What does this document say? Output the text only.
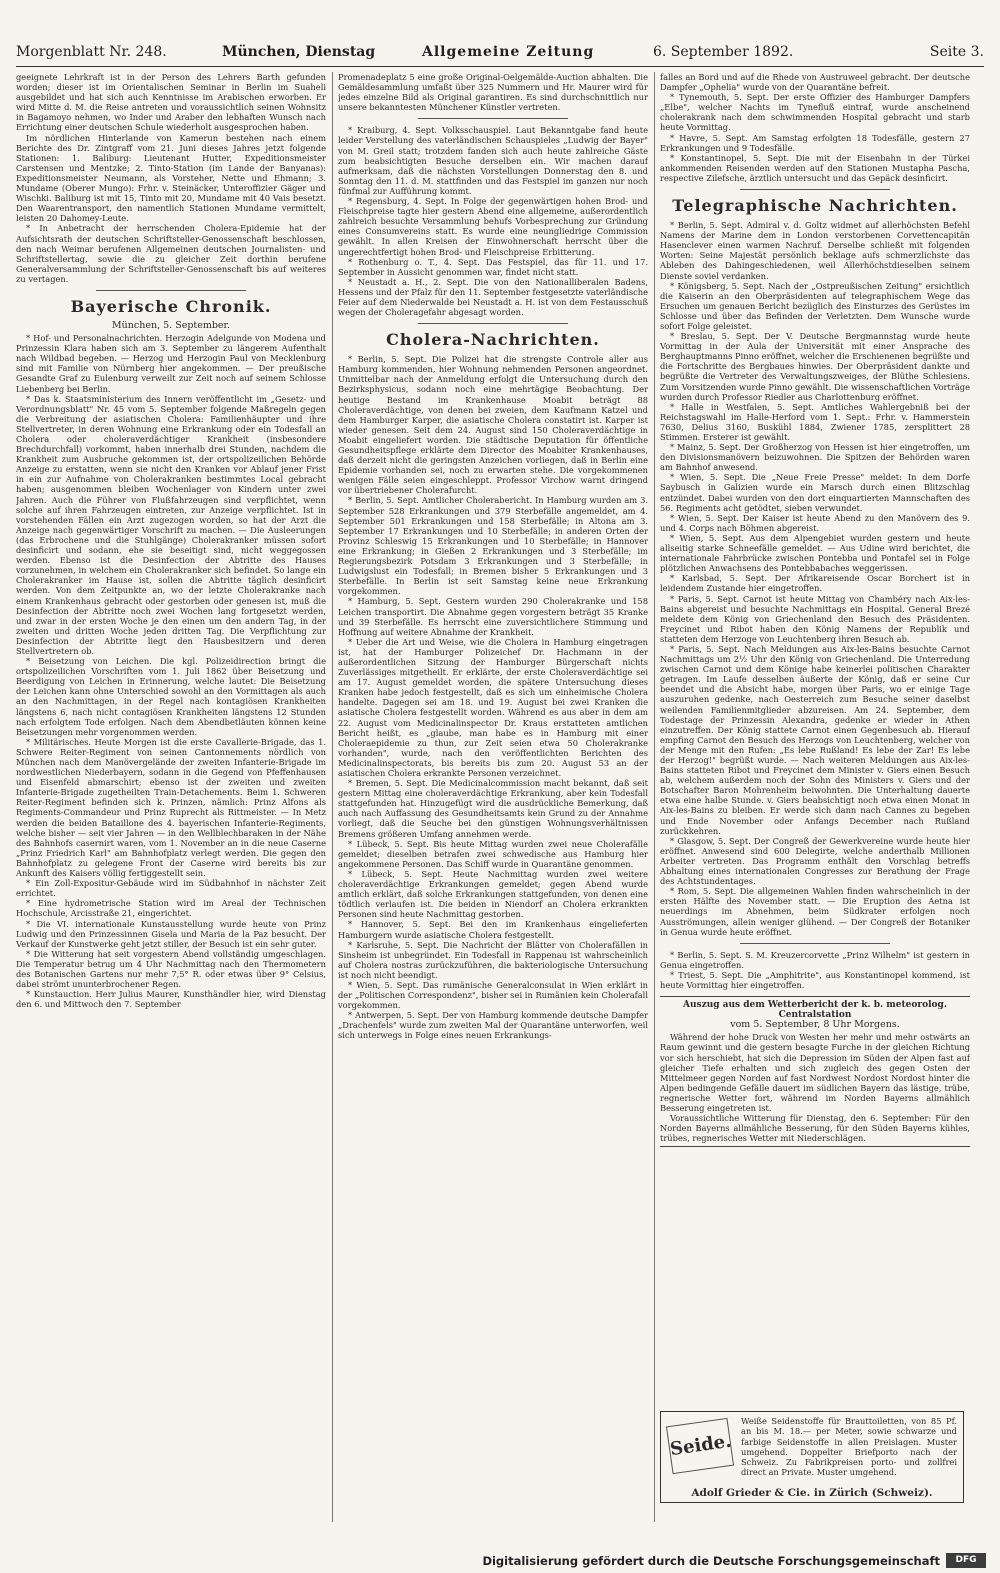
Morgenblatt Nr. 248.	München, Dienstag	Allgemeine Zeitung	6. September 1892.	Seite 3.

geeignete Lehrkraft ist in der Person des Lehrers Barth gefunden worden; dieser ist im Orientalischen Seminar in Berlin im Suaheli ausgebildet und hat sich auch Kenntnisse im Arabischen erworben. Er wird Mitte d. M. die Reise antreten und voraussichtlich seinen Wohnsitz in Bagamoyo nehmen, wo Inder und Araber den lebhaften Wunsch nach Errichtung einer deutschen Schule wiederholt ausgesprochen haben.

Im nördlichen Hinterlande von Kamerun bestehen nach einem Berichte des Dr. Zintgraff vom 21. Juni dieses Jahres jetzt folgende Stationen: 1. Baliburg: Lieutenant Hutter, Expeditionsmeister Carstensen und Mentzke; 2. Tinto-Station (im Lande der Banyanas): Expeditionsmeister Neumann, als Vorsteher, Nette und Ehmann; 3. Mundame (Oberer Mungo): Frhr. v. Steinäcker, Unteroffizier Gäger und Wischki. Baliburg ist mit 15, Tinto mit 20, Mundame mit 40 Vais besetzt. Den Waarentransport, den namentlich Stationen Mundame vermittelt, leisten 20 Dahomey-Leute.

* In Anbetracht der herrschenden Cholera-Epidemie hat der Aufsichtsrath der deutschen Schriftsteller-Genossenschaft beschlossen, den nach Weimar berufenen Allgemeinen deutschen Journalisten- und Schriftstellertag, sowie die zu gleicher Zeit dorthin berufene Generalversammlung der Schriftsteller-Genossenschaft bis auf weiteres zu vertagen.

Bayerische Chronik.
München, 5. September.

* Hof- und Personalnachrichten. Herzogin Adelgunde von Modena und Prinzessin Klara haben sich am 3. September zu längerem Aufenthalt nach Wildbad begeben. — Herzog und Herzogin Paul von Mecklenburg sind mit Familie von Nürnberg hier angekommen. — Der preußische Gesandte Graf zu Eulenburg verweilt zur Zeit noch auf seinem Schlosse Liebenberg bei Berlin.

* Das k. Staatsministerium des Innern veröffentlicht im „Gesetz- und Verordnungsblatt" Nr. 45 vom 5. September folgende Maßregeln gegen die Verbreitung der asiatischen Cholera: Familienhäupter und ihre Stellvertreter, in deren Wohnung eine Erkrankung oder ein Todesfall an Cholera oder choleraverdächtiger Krankheit (insbesondere Brechdurchfall) vorkommt, haben innerhalb drei Stunden, nachdem die Krankheit zum Ausbruche gekommen ist, der ortspolizeilichen Behörde Anzeige zu erstatten, wenn sie nicht den Kranken vor Ablauf jener Frist in ein zur Aufnahme von Cholerakranken bestimmtes Local gebracht haben; ausgenommen bleiben Wochenlager von Kindern unter zwei Jahren. Auch die Führer von Flußfahrzeugen sind verpflichtet, wenn solche auf ihren Fahrzeugen eintreten, zur Anzeige verpflichtet. Ist in vorstehenden Fällen ein Arzt zugezogen worden, so hat der Arzt die Anzeige nach gegenwärtiger Vorschrift zu machen. — Die Ausleerungen (das Erbrochene und die Stuhlgänge) Cholerakranker müssen sofort desinficirt und sodann, ehe sie beseitigt sind, nicht weggegossen werden. Ebenso ist die Desinfection der Abtritte des Hauses vorzunehmen, in welchem ein Cholerakranker sich befindet. So lange ein Cholerakranker im Hause ist, sollen die Abtritte täglich desinficirt werden. Von dem Zeitpunkte an, wo der letzte Cholerakranke nach einem Krankenhaus gebracht oder gestorben oder genesen ist, muß die Desinfection der Abtritte noch zwei Wochen lang fortgesetzt werden, und zwar in der ersten Woche je den einen um den andern Tag, in der zweiten und dritten Woche jeden dritten Tag. Die Verpflichtung zur Desinfection der Abtritte liegt den Hausbesitzern und deren Stellvertretern ob.

* Beisetzung von Leichen. Die kgl. Polizeidirection bringt die ortspolizeilichen Vorschriften vom 1. Juli 1862 über Beisetzung und Beerdigung von Leichen in Erinnerung, welche lautet: Die Beisetzung der Leichen kann ohne Unterschied sowohl an den Vormittagen als auch an den Nachmittagen, in der Regel nach kontagiösen Krankheiten längstens 6, nach nicht contagiösen Krankheiten längstens 12 Stunden nach erfolgtem Tode erfolgen. Nach dem Abendbetläuten können keine Beisetzungen mehr vorgenommen werden.

* Militärisches. Heute Morgen ist die erste Cavallerie-Brigade, das 1. Schwere Reiter-Regiment von seinen Cantonnements nördlich von München nach dem Manövergelände der zweiten Infanterie-Brigade im nordwestlichen Niederbayern, sodann in die Gegend von Pfeffenhausen und Eisenfeld abmarschirt; ebenso ist der zweiten und zweiten Infanterie-Brigade zugetheilten Train-Detachements. Beim 1. Schweren Reiter-Regiment befinden sich k. Prinzen, nämlich: Prinz Alfons als Regiments-Commandeur und Prinz Ruprecht als Rittmeister. — In Metz werden die beiden Bataillone des 4. bayerischen Infanterie-Regiments, welche bisher — seit vier Jahren — in den Wellblechbaraken in der Nähe des Bahnhofs casernirt waren, vom 1. November an in die neue Caserne „Prinz Friedrich Karl" am Bahnhofplatz verlegt werden. Die gegen den Bahnhofplatz zu gelegene Front der Caserne wird bereits bis zur Ankunft des Kaisers völlig fertiggestellt sein.

* Ein Zoll-Expositur-Gebäude wird im Südbahnhof in nächster Zeit errichtet.

* Eine hydrometrische Station wird im Areal der Technischen Hochschule, Arcisstraße 21, eingerichtet.

* Die VI. internationale Kunstausstellung wurde heute von Prinz Ludwig und den Prinzessinnen Gisela und Maria de la Paz besucht. Der Verkauf der Kunstwerke geht jetzt stiller, der Besuch ist ein sehr guter.

* Die Witterung hat seit vorgestern Abend vollständig umgeschlagen. Die Temperatur betrug um 4 Uhr Nachmittag nach den Thermometern des Botanischen Gartens nur mehr 7,5° R. oder etwas über 9° Celsius, dabei strömt ununterbrochener Regen.

* Kunstauction. Herr Julius Maurer, Kunsthändler hier, wird Dienstag den 6. und Mittwoch den 7. September

Promenadeplatz 5 eine große Original-Oelgemälde-Auction abhalten. Die Gemäldesammlung umfaßt über 325 Nummern und Hr. Maurer wird für jedes einzelne Bild als Original garantiren. Es sind durchschnittlich nur unsere bekanntesten Münchener Künstler vertreten.

* Kraiburg, 4. Sept. Volksschauspiel. Laut Bekanntgabe fand heute leider Verstellung des vaterländischen Schauspieles „Ludwig der Bayer" von M. Greil statt; trotzdem fanden sich auch heute zahlreiche Gäste zum beabsichtigten Besuche derselben ein. Wir machen darauf aufmerksam, daß die nächsten Vorstellungen Donnerstag den 8. und Sonntag den 11. d. M. stattfinden und das Festspiel im ganzen nur noch fünfmal zur Aufführung kommt.

* Regensburg, 4. Sept. In Folge der gegenwärtigen hohen Brod- und Fleischpreise tagte hier gestern Abend eine allgemeine, außerordentlich zahlreich besuchte Versammlung behufs Vorbesprechung zur Gründung eines Consumvereins statt. Es wurde eine neungliedrige Commission gewählt. In allen Kreisen der Einwohnerschaft herrscht über die ungerechtfertigt hohen Brod- und Fleischpreise Erbitterung.

* Rothenburg o. T., 4. Sept. Das Festspiel, das für 11. und 17. September in Aussicht genommen war, findet nicht statt.

* Neustadt a. H., 2. Sept. Die von den Nationalliberalen Badens, Hessens und der Pfalz für den 11. September festgesetzte vaterländische Feier auf dem Niederwalde bei Neustadt a. H. ist von dem Festausschuß wegen der Choleragefahr abgesagt worden.

Cholera-Nachrichten.

* Berlin, 5. Sept. Die Polizei hat die strengste Controle aller aus Hamburg kommenden, hier Wohnung nehmenden Personen angeordnet. Unmittelbar nach der Anmeldung erfolgt die Untersuchung durch den Bezirksphysicus, sodann noch eine mehrtägige Beobachtung. Der heutige Bestand im Krankenhause Moabit beträgt 88 Choleraverdächtige, von denen bei zweien, dem Kaufmann Katzel und dem Hamburger Karper, die asiatische Cholera constatirt ist. Karper ist wieder genesen. Seit dem 24. August sind 150 Choleraverdächtige in Moabit eingeliefert worden. Die städtische Deputation für öffentliche Gesundheitspflege erklärte dem Director des Moabiter Krankenhauses, daß derzeit nicht die geringsten Anzeichen vorliegen, daß in Berlin eine Epidemie vorhanden sei, noch zu erwarten stehe. Die vorgekommenen wenigen Fälle seien eingeschleppt. Professor Virchow warnt dringend vor übertriebener Cholerafurcht.

* Berlin, 5. Sept. Amtlicher Cholerabericht. In Hamburg wurden am 3. September 528 Erkrankungen und 379 Sterbefälle angemeldet, am 4. September 501 Erkrankungen und 158 Sterbefälle; in Altona am 3. September 17 Erkrankungen und 10 Sterbefälle; in anderen Orten der Provinz Schleswig 15 Erkrankungen und 10 Sterbefälle; in Hannover eine Erkrankung; in Gießen 2 Erkrankungen und 3 Sterbefälle; im Regierungsbezirk Potsdam 3 Erkrankungen und 3 Sterbefälle; in Ludwigslust ein Todesfall; in Bremen bisher 5 Erkrankungen und 3 Sterbefälle. In Berlin ist seit Samstag keine neue Erkrankung vorgekommen.

* Hamburg, 5. Sept. Gestern wurden 290 Cholerakranke und 158 Leichen transportirt. Die Abnahme gegen vorgestern beträgt 35 Kranke und 39 Sterbefälle. Es herrscht eine zuversichtlichere Stimmung und Hoffnung auf weitere Abnahme der Krankheit.

* Ueber die Art und Weise, wie die Cholera in Hamburg eingetragen ist, hat der Hamburger Polizeichef Dr. Hachmann in der außerordentlichen Sitzung der Hamburger Bürgerschaft nichts Zuverlässiges mitgetheilt. Er erklärte, der erste Choleraverdächtige sei am 17. August gemeldet worden, die spätere Untersuchung dieses Kranken habe jedoch festgestellt, daß es sich um einheimische Cholera handelte. Dagegen sei am 18. und 19. August bei zwei Kranken die asiatische Cholera festgestellt worden. Während es aus aber in dem am 22. August vom Medicinalinspector Dr. Kraus erstatteten amtlichen Bericht heißt, es „glaube, man habe es in Hamburg mit einer Choleraepidemie zu thun, zur Zeit seien etwa 50 Cholerakranke vorhanden", wurde, nach den veröffentlichten Berichten des Medicinalinspectorats, bis bereits bis zum 20. August 53 an der asiatischen Cholera erkrankte Personen verzeichnet.

* Bremen, 5. Sept. Die Medicinalcommission macht bekannt, daß seit gestern Mittag eine choleraverdächtige Erkrankung, aber kein Todesfall stattgefunden hat. Hinzugefügt wird die ausdrückliche Bemerkung, daß auch nach Auffassung des Gesundheitsamts kein Grund zu der Annahme vorliegt, daß die Seuche bei den günstigen Wohnungsverhältnissen Bremens größeren Umfang annehmen werde.

* Lübeck, 5. Sept. Bis heute Mittag wurden zwei neue Cholerafälle gemeldet; dieselben betrafen zwei schwedische aus Hamburg hier angekommene Personen. Das Schiff wurde in Quarantäne genommen.

* Lübeck, 5. Sept. Heute Nachmittag wurden zwei weitere choleraverdächtige Erkrankungen gemeldet; gegen Abend wurde amtlich erklärt, daß solche Erkrankungen stattgefunden, von denen eine tödtlich verlaufen ist. Die beiden in Niendorf an Cholera erkrankten Personen sind heute Nachmittag gestorben.

* Hannover, 5. Sept. Bei den im Krankenhaus eingelieferten Hamburgern wurde asiatische Cholera festgestellt.

* Karlsruhe, 5. Sept. Die Nachricht der Blätter von Cholerafällen in Sinsheim ist unbegründet. Ein Todesfall in Rappenau ist wahrscheinlich auf Cholera nostras zurückzuführen, die bakteriologische Untersuchung ist noch nicht beendigt.

* Wien, 5. Sept. Das rumänische Generalconsulat in Wien erklärt in der „Politischen Correspondenz", bisher sei in Rumänien kein Cholerafall vorgekommen.

* Antwerpen, 5. Sept. Der von Hamburg kommende deutsche Dampfer „Drachenfels" wurde zum zweiten Mal der Quarantäne unterworfen, weil sich unterwegs in Folge eines neuen Erkrankungs-

falles an Bord und auf die Rhede von Austruweel gebracht. Der deutsche Dampfer „Ophelia" wurde von der Quarantäne befreit.

* Tynemouth, 5. Sept. Der erste Offizier des Hamburger Dampfers „Elbe", welcher Nachts im Tynefluß eintraf, wurde anscheinend cholerakrank nach dem schwimmenden Hospital gebracht und starb heute Vormittag.

* Havre, 5. Sept. Am Samstag erfolgten 18 Todesfälle, gestern 27 Erkrankungen und 9 Todesfälle.

* Konstantinopel, 5. Sept. Die mit der Eisenbahn in der Türkei ankommenden Reisenden werden auf den Stationen Mustapha Pascha, respective Zilefsche, ärztlich untersucht und das Gepäck desinficirt.

Telegraphische Nachrichten.

* Berlin, 5. Sept. Admiral v. d. Goltz widmet auf allerhöchsten Befehl Namens der Marine dem in London verstorbenen Corvettencapitän Hasenclever einen warmen Nachruf. Derselbe schließt mit folgenden Worten: Seine Majestät persönlich beklage aufs schmerzlichste das Ableben des Dahingeschiedenen, weil Allerhöchstdieselben seinem Dienste soviel verdanken.

* Königsberg, 5. Sept. Nach der „Ostpreußischen Zeitung" ersichtlich die Kaiserin an den Oberpräsidenten auf telegraphischem Wege das Ersuchen um genauen Bericht bezüglich des Einsturzes des Gerüstes im Schlosse und über das Befinden der Verletzten. Dem Wunsche wurde sofort Folge geleistet.

* Breslau, 5. Sept. Der V. Deutsche Bergmannstag wurde heute Vormittag in der Aula der Universität mit einer Ansprache des Berghauptmanns Pinno eröffnet, welcher die Erschienenen begrüßte und die Fortschritte des Bergbaues hinwies. Der Oberpräsident dankte und begrüßte die Vertreter des Verwaltungszweiges, der Blüthe Schlesiens. Zum Vorsitzenden wurde Pinno gewählt. Die wissenschaftlichen Vorträge wurden durch Professor Riedler aus Charlottenburg eröffnet.

* Halle in Westfalen, 5. Sept. Amtliches Wahlergebniß bei der Reichstagswahl im Halle-Herford vom 1. Sept.: Frhr. v. Hammerstein 7630, Delius 3160, Buskühl 1884, Zwiener 1785, zersplittert 28 Stimmen. Ersterer ist gewählt.

* Mainz, 5. Sept. Der Großherzog von Hessen ist hier eingetroffen, um den Divisionsmanövern beizuwohnen. Die Spitzen der Behörden waren am Bahnhof anwesend.

* Wien, 5. Sept. Die „Neue Freie Presse" meldet: In dem Dorfe Saybusch in Galizien wurde ein Marsch durch einen Blitzschlag entzündet. Dabei wurden von den dort einquartierten Mannschaften des 56. Regiments acht getödtet, sieben verwundet.

* Wien, 5. Sept. Der Kaiser ist heute Abend zu den Manövern des 9. und 4. Corps nach Böhmen abgereist.

* Wien, 5. Sept. Aus dem Alpengebiet wurden gestern und heute allseitig starke Schneefälle gemeldet. — Aus Udine wird berichtet, die internationale Fahrbrücke zwischen Pontebba und Pontafel sei in Folge plötzlichen Anwachsens des Pontebbabaches weggerissen.

* Karlsbad, 5. Sept. Der Afrikareisende Oscar Borchert ist in leidendem Zustande hier eingetroffen.

* Paris, 5. Sept. Carnot ist heute Mittag von Chambéry nach Aix-les-Bains abgereist und besuchte Nachmittags ein Hospital. General Brezé meldete dem König von Griechenland den Besuch des Präsidenten. Freycinet und Ribot haben den König Namens der Republik und statteten dem Herzoge von Leuchtenberg ihren Besuch ab.

* Paris, 5. Sept. Nach Meldungen aus Aix-les-Bains besuchte Carnot Nachmittags um 2½ Uhr den König von Griechenland. Die Unterredung zwischen Carnot und dem Könige habe keinerlei politischen Charakter getragen. Im Laufe desselben äußerte der König, daß er seine Cur beendet und die Absicht habe, morgen über Paris, wo er einige Tage auszuruhen gedenke, nach Oesterreich zum Besuche seiner daselbst weilenden Familienmitglieder abzureisen. Am 24. September, dem Todestage der Prinzessin Alexandra, gedenke er wieder in Athen einzutreffen. Der König stattete Carnot einen Gegenbesuch ab. Hierauf empfing Carnot den Besuch des Herzogs von Leuchtenberg, welcher von der Menge mit den Rufen: „Es lebe Rußland! Es lebe der Zar! Es lebe der Herzog!" begrüßt wurde. — Nach weiteren Meldungen aus Aix-les-Bains statteten Ribot und Freycinet dem Minister v. Giers einen Besuch ab, welchem außerdem noch der Sohn des Ministers v. Giers und der Botschafter Baron Mohrenheim beiwohnten. Die Unterhaltung dauerte etwa eine halbe Stunde. v. Giers beabsichtigt noch etwa einen Monat in Aix-les-Bains zu bleiben. Er werde sich dann nach Cannes zu begeben und Ende November oder Anfangs December nach Rußland zurückkehren.

* Glasgow, 5. Sept. Der Congreß der Gewerkvereine wurde heute hier eröffnet. Anwesend sind 600 Delegirte, welche anderthalb Millionen Arbeiter vertreten. Das Programm enthält den Vorschlag betreffs Abhaltung eines internationalen Congresses zur Berathung der Frage des Achtstundentages.

* Rom, 5. Sept. Die allgemeinen Wahlen finden wahrscheinlich in der ersten Hälfte des November statt. — Die Eruption des Aetna ist neuerdings im Abnehmen, beim Südkrater erfolgen noch Ausströmungen, allein weniger glühend. — Der Congreß der Botaniker in Genua wurde heute eröffnet.

* Berlin, 5. Sept. S. M. Kreuzercorvette „Prinz Wilhelm" ist gestern in Genua eingetroffen.

* Triest, 5. Sept. Die „Amphitrite", aus Konstantinopel kommend, ist heute Vormittag hier eingetroffen.

Auszug aus dem Wetterbericht der k. b. meteorolog. Centralstation
vom 5. September, 8 Uhr Morgens.

Während der hohe Druck von Westen her mehr und mehr ostwärts an Raum gewinnt und die gestern besagte Furche in der gleichen Richtung vor sich herschiebt, hat sich die Depression im Süden der Alpen fast auf gleicher Tiefe erhalten und sich zugleich des gegen Osten der Mittelmeer gegen Norden auf fast Nordwest Nordost Nordost hinter die Alpen bedingende Gefälle dauert im südlichen Bayern das lästige, trübe, regnerische Wetter fort, während im Norden Bayerns allmählich Besserung eingetreten ist.

Voraussichtliche Witterung für Dienstag, den 6. September: Für den Norden Bayerns allmähliche Besserung, für den Süden Bayerns kühles, trübes, regnerisches Wetter mit Niederschlägen.

Seide.
Weiße Seidenstoffe für Brauttoiletten, von 85 Pf. an bis M. 18.— per Meter, sowie schwarze und farbige Seidenstoffe in allen Preislagen. Muster umgehend. Doppelter Briefporto nach der Schweiz. Zu Fabrikpreisen porto- und zollfrei direct an Private. Muster umgehend.
Adolf Grieder & Cie. in Zürich (Schweiz).
Digitalisierung gefördert durch die Deutsche Forschungsgemeinschaft	DFG
